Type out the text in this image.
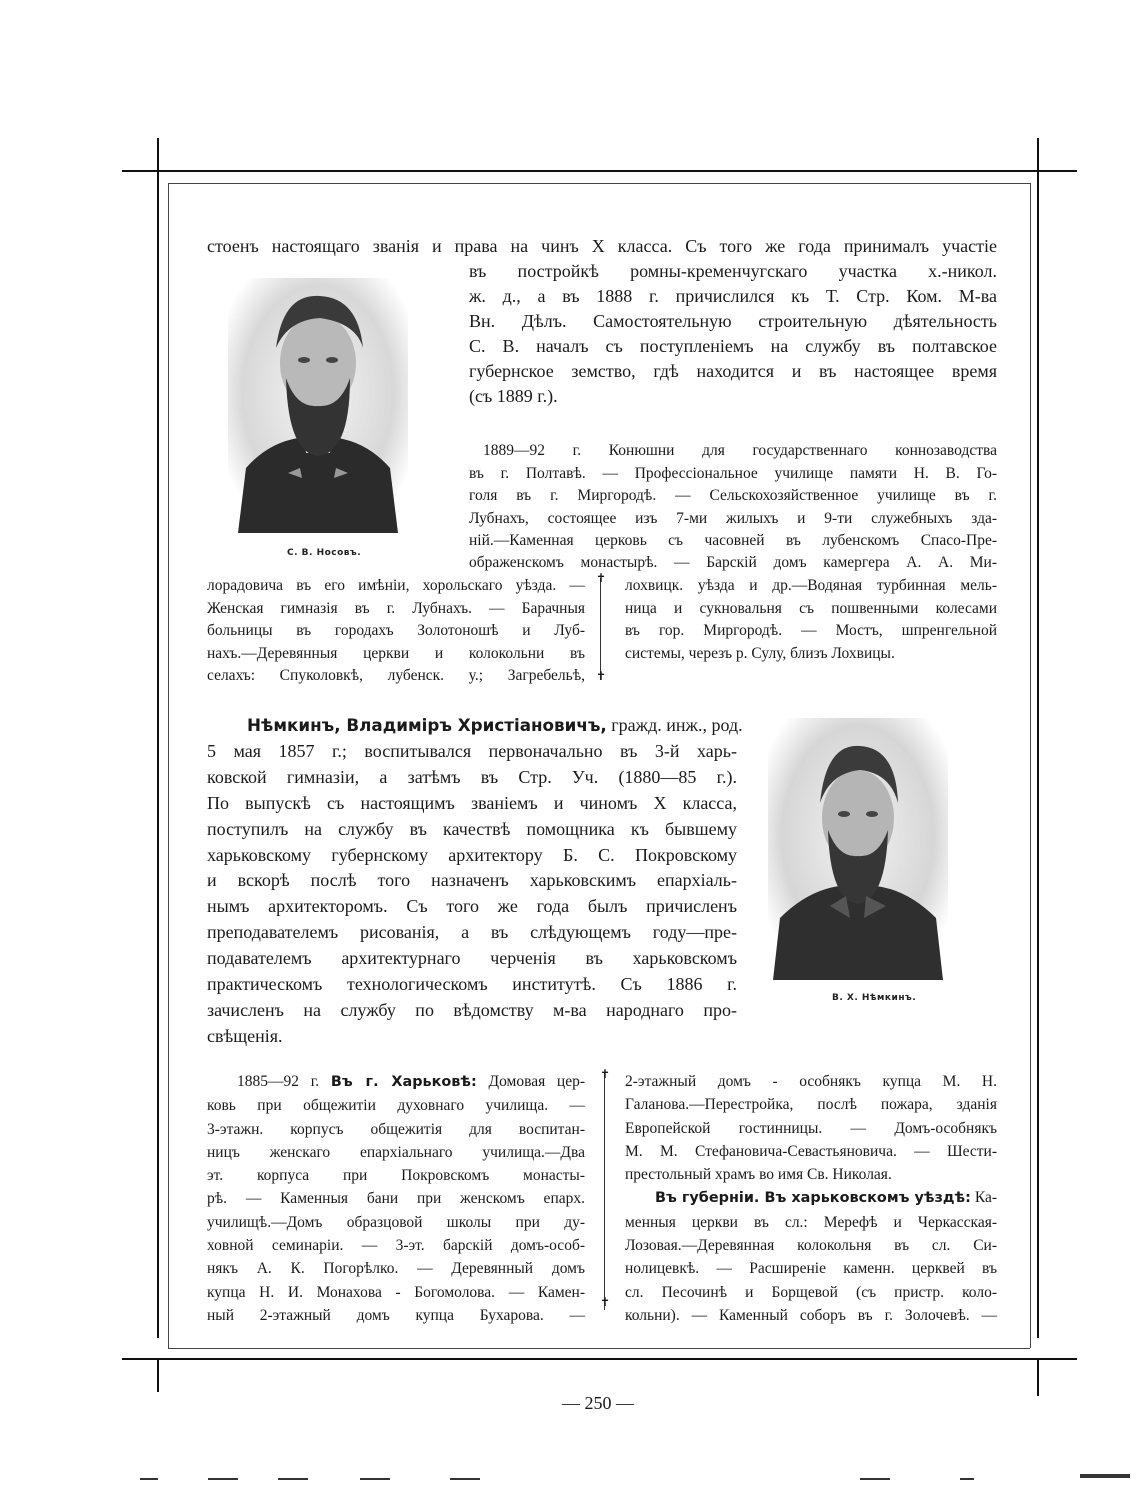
стоенъ настоящаго званія и права на чинъ X класса. Съ того же года принималъ участіе
С. В. Носовъ.
въ постройкѣ ромны-кременчугскаго участка х.-никол.
ж. д., а въ 1888 г. причислился къ Т. Стр. Ком. М-ва
Вн. Дѣлъ. Самостоятельную строительную дѣятельность
С. В. началъ съ поступленіемъ на службу въ полтавское
губернское земство, гдѣ находится и въ настоящее время
(съ 1889 г.).
1889—92 г. Конюшни для государственнаго коннозаводства
въ г. Полтавѣ. — Профессіональное училище памяти Н. В. Го-
голя въ г. Миргородѣ. — Сельскохозяйственное училище въ г.
Лубнахъ, состоящее изъ 7-ми жилыхъ и 9-ти служебныхъ зда-
ній.—Каменная церковь съ часовней въ лубенскомъ Спасо-Пре-
ображенскомъ монастырѣ. — Барскій домъ камергера А. А. Ми-
лорадовича въ его имѣніи, хорольскаго уѣзда. —
Женская гимназія въ г. Лубнахъ. — Барачныя
больницы въ городахъ Золотоношѣ и Луб-
нахъ.—Деревянныя церкви и колокольни въ
селахъ: Спуколовкѣ, лубенск. у.; Загребельѣ,
✝
✝
лохвицк. уѣзда и др.—Водяная турбинная мель-
ница и сукновальня съ пошвенными колесами
въ гор. Миргородѣ. — Мостъ, шпренгельной
системы, черезъ р. Сулу, близъ Лохвицы.
Нѣмкинъ, Владиміръ Христіановичъ, гражд. инж., род.
5 мая 1857 г.; воспитывался первоначально въ 3-й харь-
ковской гимназіи, а затѣмъ въ Стр. Уч. (1880—85 г.).
По выпускѣ съ настоящимъ званіемъ и чиномъ X класса,
поступилъ на службу въ качествѣ помощника къ бывшему
харьковскому губернскому архитектору Б. С. Покровскому
и вскорѣ послѣ того назначенъ харьковскимъ епархіаль-
нымъ архитекторомъ. Съ того же года былъ причисленъ
преподавателемъ рисованія, а въ слѣдующемъ году—пре-
подавателемъ архитектурнаго черченія въ харьковскомъ
практическомъ технологическомъ институтѣ. Съ 1886 г.
зачисленъ на службу по вѣдомству м-ва народнаго про-
свѣщенія.
В. Х. Нѣмкинъ.
1885—92 г. Въ г. Харьковѣ: Домовая цер-
ковь при общежитіи духовнаго училища. —
3-этажн. корпусъ общежитія для воспитан-
ницъ женскаго епархіальнаго училища.—Два
эт. корпуса при Покровскомъ монасты-
рѣ. — Каменныя бани при женскомъ епарх.
училищѣ.—Домъ образцовой школы при ду-
ховной семинаріи. — 3-эт. барскій домъ-особ-
някъ А. К. Погорѣлко. — Деревянный домъ
купца Н. И. Монахова - Богомолова. — Камен-
ный 2-этажный домъ купца Бухарова. —
✝
✝
2-этажный домъ - особнякъ купца М. Н.
Галанова.—Перестройка, послѣ пожара, зданія
Европейской гостинницы. — Домъ-особнякъ
М. М. Стефановича-Севастьяновича. — Шести-
престольный храмъ во имя Св. Николая.
Въ губерніи. Въ харьковскомъ уѣздѣ: Ка-
менныя церкви въ сл.: Мерефѣ и Черкасская-
Лозовая.—Деревянная колокольня въ сл. Си-
нолицевкѣ. — Расширеніе каменн. церквей въ
сл. Песочинѣ и Борщевой (съ пристр. коло-
кольни). — Каменный соборъ въ г. Золочевѣ. —
— 250 —
